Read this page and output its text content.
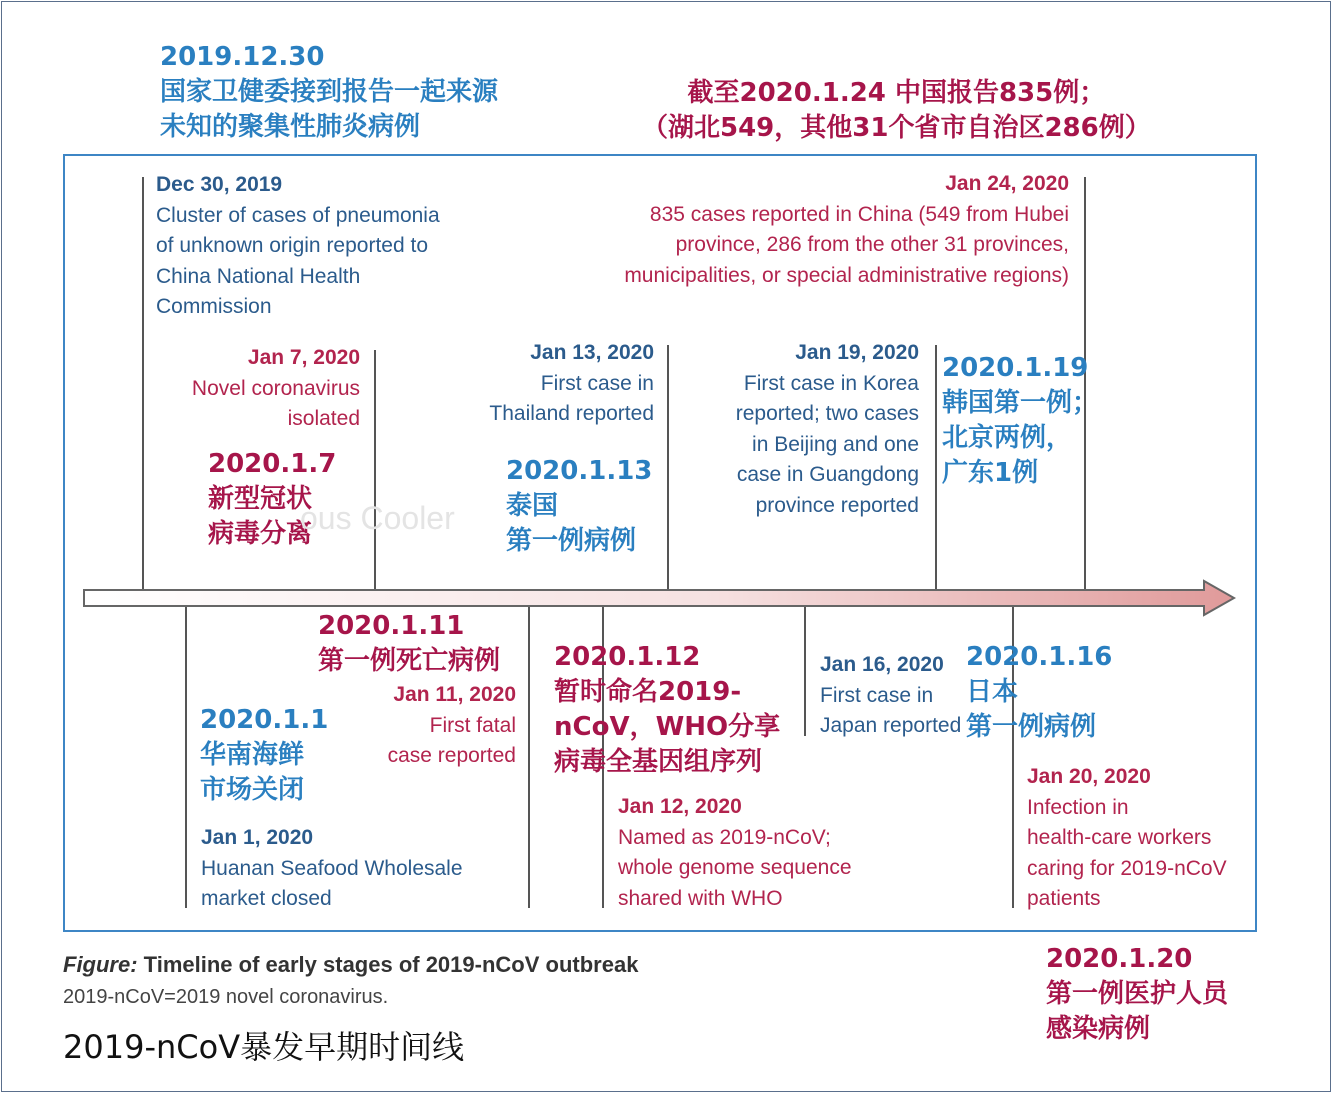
2019.12.30
国家卫健委接到报告一起来源
未知的聚集性肺炎病例
截至2020.1.24 中国报告835例；
（湖北549，其他31个省市自治区286例）
Dec 30, 2019
Cluster of cases of pneumonia
of unknown origin reported to
China National Health
Commission
Jan 7, 2020
Novel coronavirus
isolated
Jan 13, 2020
First case in
Thailand reported
Jan 19, 2020
First case in Korea
reported; two cases
in Beijing and one
case in Guangdong
province reported
Jan 24, 2020
835 cases reported in China (549 from Hubei
province, 286 from the other 31 provinces,
municipalities, or special administrative regions)
2020.1.7
新型冠状
病毒分离
2020.1.13
泰国
第一例病例
2020.1.19
韩国第一例；
北京两例，
广东1例
ous Cooler
2020.1.11
第一例死亡病例
2020.1.1
华南海鲜
市场关闭
2020.1.12
暂时命名2019-
nCoV，WHO分享
病毒全基因组序列
2020.1.16
日本
第一例病例
Jan 1, 2020
Huanan Seafood Wholesale
market closed
Jan 11, 2020
First fatal
case reported
Jan 12, 2020
Named as 2019-nCoV;
whole genome sequence
shared with WHO
Jan 16, 2020
First case in
Japan reported
Jan 20, 2020
Infection in
health-care workers
caring for 2019-nCoV
patients
Figure: Timeline of early stages of 2019-nCoV outbreak
2019-nCoV=2019 novel coronavirus.
2019-nCoV暴发早期时间线
2020.1.20
第一例医护人员
感染病例
